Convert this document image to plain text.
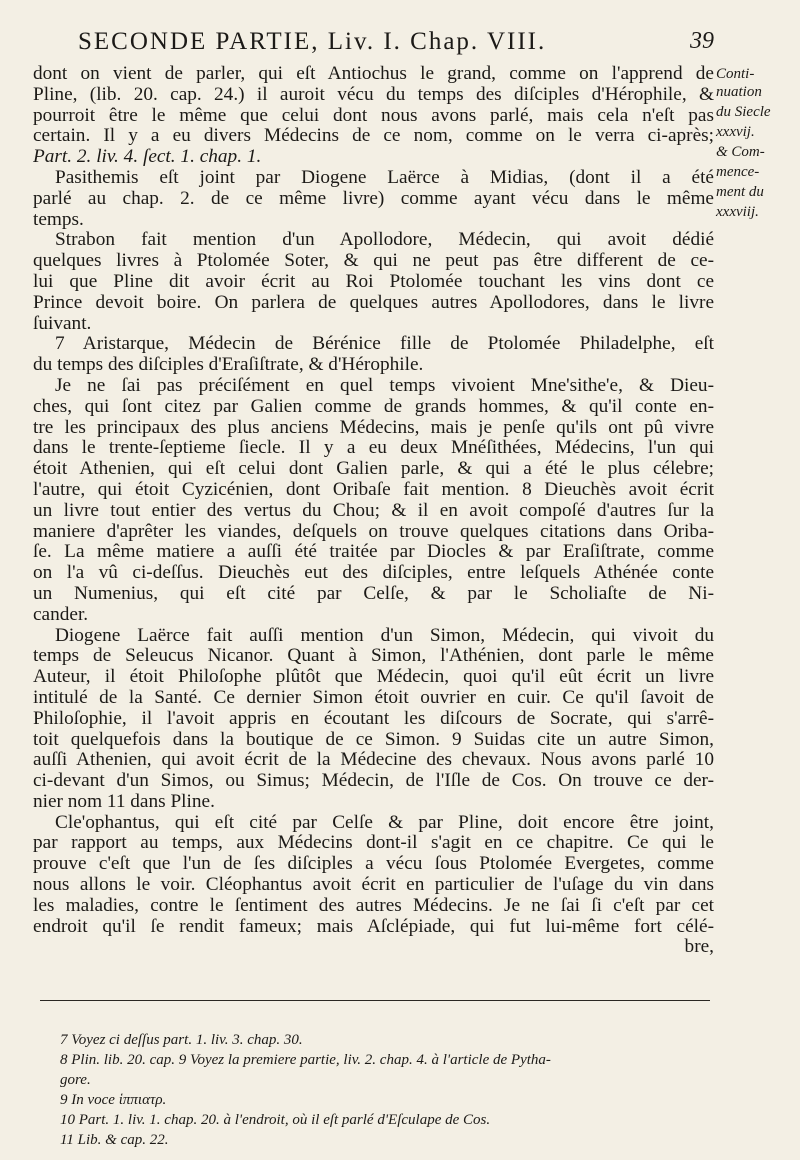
SECONDE PARTIE, Liv. I. Chap. VIII.	39
Conti-
nuation
du Siecle
xxxvij.
& Com-
mence-
ment du
xxxviij.
dont on vient de parler, qui eſt Antiochus le grand, comme on l'apprend de
Pline, (lib. 20. cap. 24.) il auroit vécu du temps des diſciples d'Hérophile, &
pourroit être le même que celui dont nous avons parlé, mais cela n'eſt pas
certain. Il y a eu divers Médecins de ce nom, comme on le verra ci-après;
Part. 2. liv. 4. ſect. 1. chap. 1.
Pasithemis eſt joint par Diogene Laërce à Midias, (dont il a été
parlé au chap. 2. de ce même livre) comme ayant vécu dans le même
temps.
Strabon fait mention d'un Apollodore, Médecin, qui avoit dédié
quelques livres à Ptolomée Soter, & qui ne peut pas être different de ce-
lui que Pline dit avoir écrit au Roi Ptolomée touchant les vins dont ce
Prince devoit boire. On parlera de quelques autres Apollodores, dans le livre
ſuivant.
7 Aristarque, Médecin de Bérénice fille de Ptolomée Philadelphe, eſt
du temps des diſciples d'Eraſiſtrate, & d'Hérophile.
Je ne ſai pas préciſément en quel temps vivoient Mne'sithe'e, & Dieu-
ches, qui ſont citez par Galien comme de grands hommes, & qu'il conte en-
tre les principaux des plus anciens Médecins, mais je penſe qu'ils ont pû vivre
dans le trente-ſeptieme ſiecle. Il y a eu deux Mnéſithées, Médecins, l'un qui
étoit Athenien, qui eſt celui dont Galien parle, & qui a été le plus célebre;
l'autre, qui étoit Cyzicénien, dont Oribaſe fait mention. 8 Dieuchès avoit écrit
un livre tout entier des vertus du Chou; & il en avoit compoſé d'autres ſur la
maniere d'aprêter les viandes, deſquels on trouve quelques citations dans Oriba-
ſe. La même matiere a auſſi été traitée par Diocles & par Eraſiſtrate, comme
on l'a vû ci-deſſus. Dieuchès eut des diſciples, entre leſquels Athénée conte
un Numenius, qui eſt cité par Celſe, & par le Scholiaſte de Ni-
cander.
Diogene Laërce fait auſſi mention d'un Simon, Médecin, qui vivoit du
temps de Seleucus Nicanor. Quant à Simon, l'Athénien, dont parle le même
Auteur, il étoit Philoſophe plûtôt que Médecin, quoi qu'il eût écrit un livre
intitulé de la Santé. Ce dernier Simon étoit ouvrier en cuir. Ce qu'il ſavoit de
Philoſophie, il l'avoit appris en écoutant les diſcours de Socrate, qui s'arrê-
toit quelquefois dans la boutique de ce Simon. 9 Suidas cite un autre Simon,
auſſi Athenien, qui avoit écrit de la Médecine des chevaux. Nous avons parlé 10
ci-devant d'un Simos, ou Simus; Médecin, de l'Iſle de Cos. On trouve ce der-
nier nom 11 dans Pline.
Cle'ophantus, qui eſt cité par Celſe & par Pline, doit encore être joint,
par rapport au temps, aux Médecins dont-il s'agit en ce chapitre. Ce qui le
prouve c'eſt que l'un de ſes diſciples a vécu ſous Ptolomée Evergetes, comme
nous allons le voir. Cléophantus avoit écrit en particulier de l'uſage du vin dans
les maladies, contre le ſentiment des autres Médecins. Je ne ſai ſi c'eſt par cet
endroit qu'il ſe rendit fameux; mais Aſclépiade, qui fut lui-même fort célé-
bre,
7 Voyez ci deſſus part. 1. liv. 3. chap. 30.
8 Plin. lib. 20. cap. 9 Voyez la premiere partie, liv. 2. chap. 4. à l'article de Pytha-
gore.
9 In voce ἱππιατρ.
10 Part. 1. liv. 1. chap. 20. à l'endroit, où il eſt parlé d'Eſculape de Cos.
11 Lib. & cap. 22.
